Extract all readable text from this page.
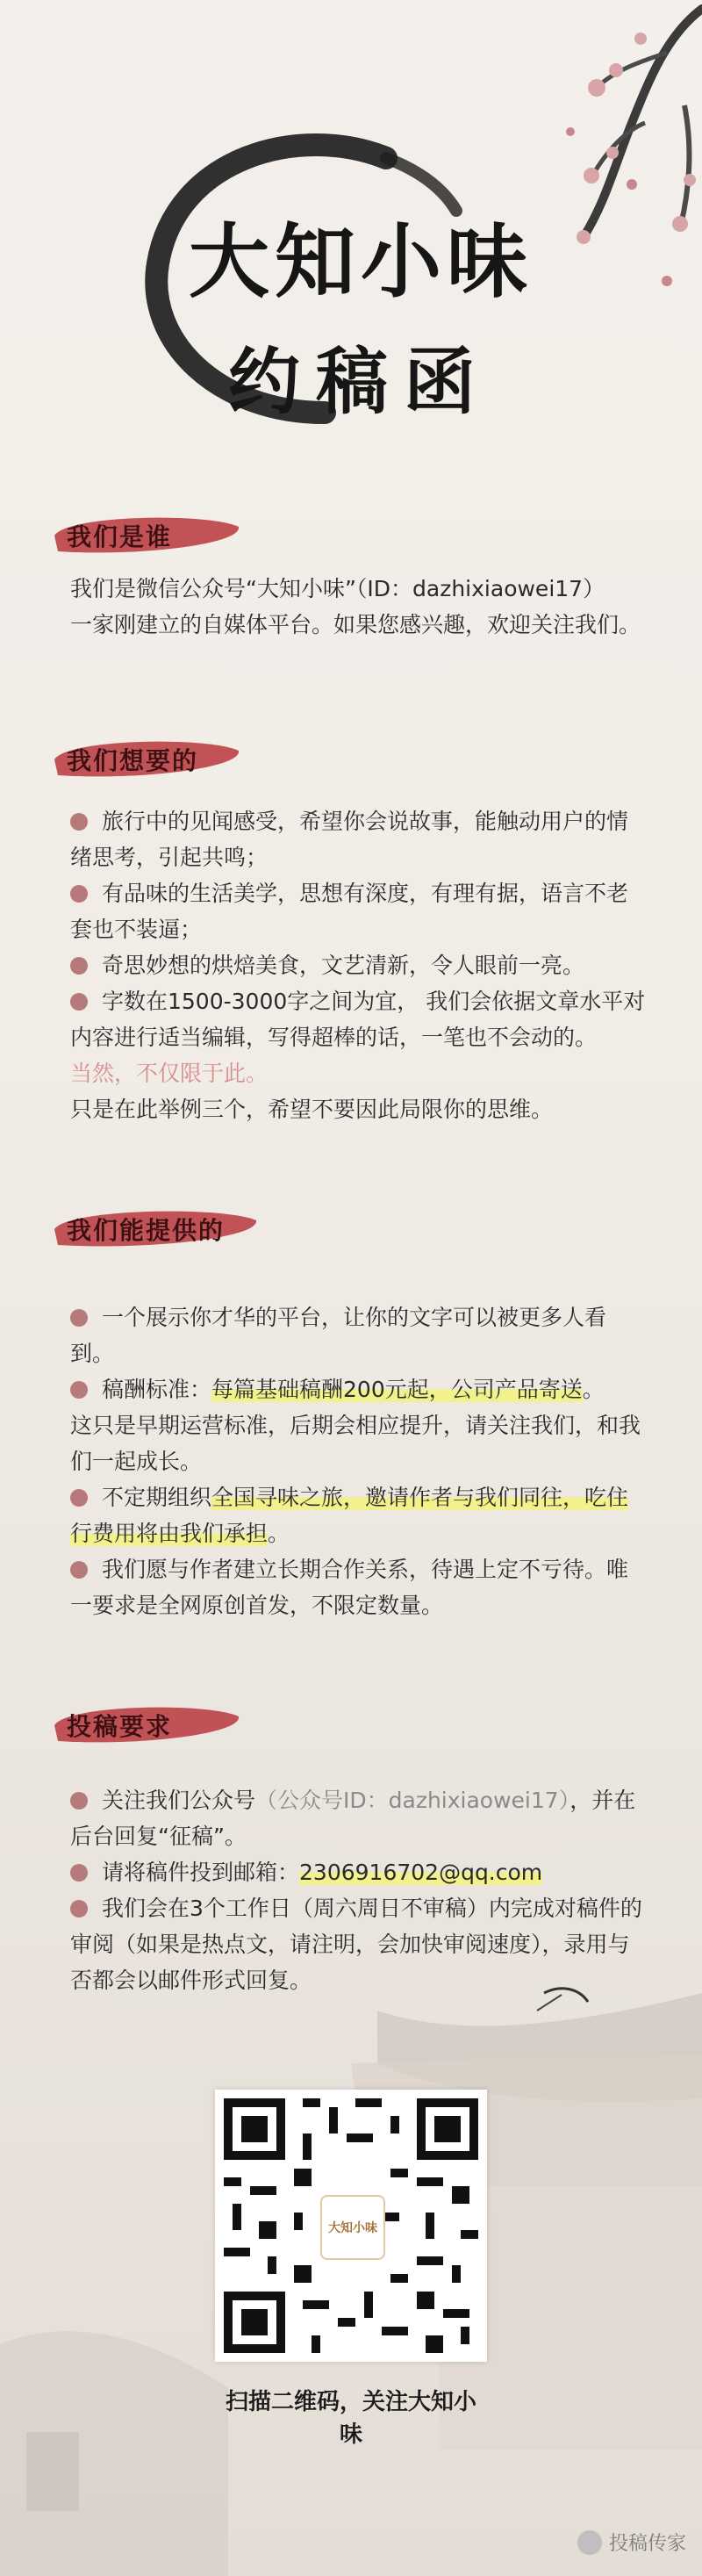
大知小味
约稿函
我们是谁
我们是微信公众号“大知小味”（ID：dazhixiaowei17）
一家刚建立的自媒体平台。如果您感兴趣，欢迎关注我们。
我们想要的
旅行中的见闻感受，希望你会说故事，能触动用户的情绪思考，引起共鸣；
有品味的生活美学，思想有深度，有理有据，语言不老套也不装逼；
奇思妙想的烘焙美食，文艺清新，令人眼前一亮。
字数在1500-3000字之间为宜， 我们会依据文章水平对内容进行适当编辑，写得超棒的话，一笔也不会动的。
当然，不仅限于此。
只是在此举例三个，希望不要因此局限你的思维。
我们能提供的
一个展示你才华的平台，让你的文字可以被更多人看到。
稿酬标准：每篇基础稿酬200元起，公司产品寄送。
这只是早期运营标准，后期会相应提升，请关注我们，和我们一起成长。
不定期组织全国寻味之旅，邀请作者与我们同往，吃住行费用将由我们承担。
我们愿与作者建立长期合作关系，待遇上定不亏待。唯一要求是全网原创首发，不限定数量。
投稿要求
关注我们公众号（公众号ID：dazhixiaowei17），并在后台回复“征稿”。
请将稿件投到邮箱：2306916702@qq.com
我们会在3个工作日（周六周日不审稿）内完成对稿件的审阅（如果是热点文，请注明，会加快审阅速度），录用与否都会以邮件形式回复。
大知小味
扫描二维码，关注大知小味
投稿传家
